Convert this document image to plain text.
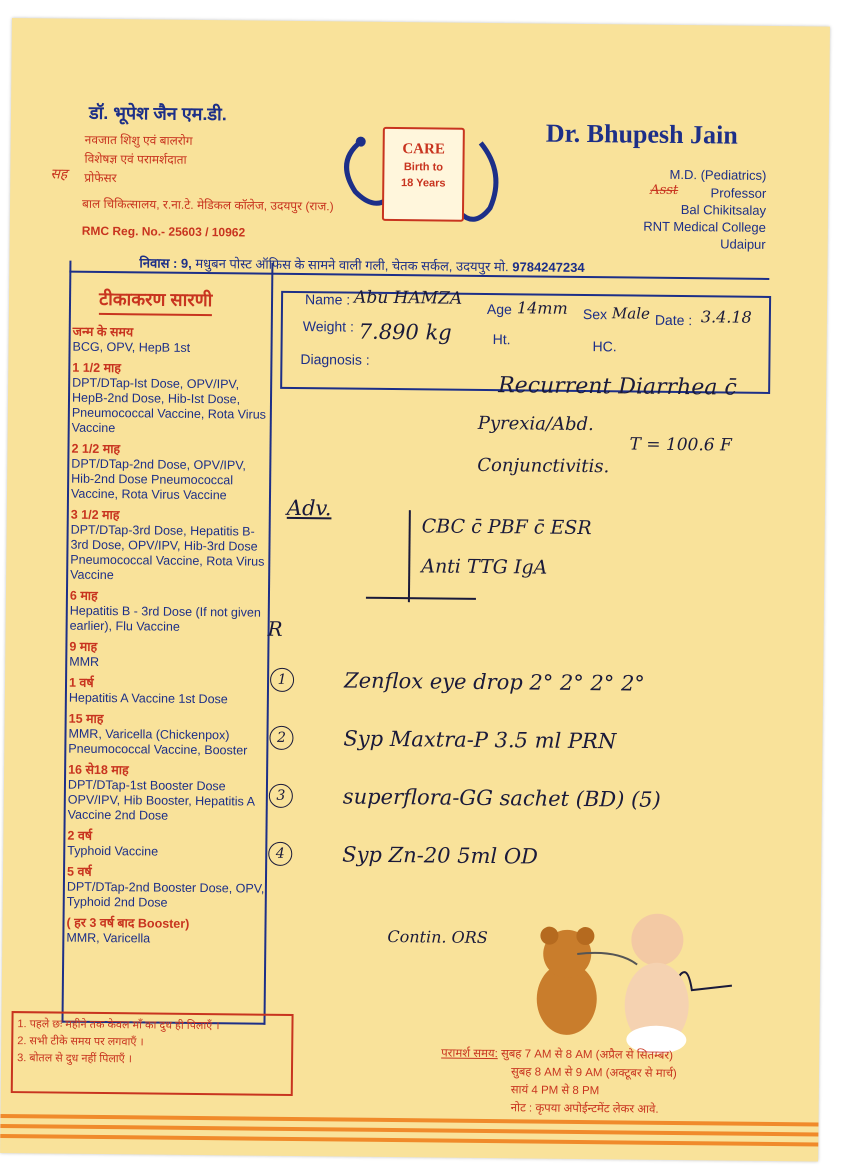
डॉ. भूपेश जैन एम.डी.
नवजात शिशु एवं बालरोग
विशेषज्ञ एवं परामर्शदाता
सह प्रोफेसर
बाल चिकित्सालय, र.ना.टे. मेडिकल कॉलेज, उदयपुर (राज.)
RMC Reg. No.- 25603 / 10962
CARE
Birth to
18 Years
Dr. Bhupesh Jain
M.D. (Pediatrics)
Asst	Professor
Bal Chikitsalay
RNT Medical College
Udaipur
निवास : 9, मधुबन पोस्ट ऑफिस के सामने वाली गली, चेतक सर्कल, उदयपुर मो. 9784247234
टीकाकरण सारणी
जन्म के समय
BCG, OPV, HepB 1st
1 1/2 माह
DPT/DTap-Ist Dose, OPV/IPV, HepB-2nd Dose, Hib-Ist Dose, Pneumococcal Vaccine, Rota Virus Vaccine
2 1/2 माह
DPT/DTap-2nd Dose, OPV/IPV, Hib-2nd Dose Pneumococcal Vaccine, Rota Virus Vaccine
3 1/2 माह
DPT/DTap-3rd Dose, Hepatitis B-3rd Dose, OPV/IPV, Hib-3rd Dose Pneumococcal Vaccine, Rota Virus Vaccine
6 माह
Hepatitis B - 3rd Dose (If not given earlier), Flu Vaccine
9 माह
MMR
1 वर्ष
Hepatitis A Vaccine 1st Dose
15 माह
MMR, Varicella (Chickenpox) Pneumococcal Vaccine, Booster
16 से18 माह
DPT/DTap-1st Booster Dose OPV/IPV, Hib Booster, Hepatitis A Vaccine 2nd Dose
2 वर्ष
Typhoid Vaccine
5 वर्ष
DPT/DTap-2nd Booster Dose, OPV, Typhoid 2nd Dose
( हर 3 वर्ष बाद Booster)
MMR, Varicella
Name : Abu HAMZA
Age 14mm Sex Male Date : 3.4.18
Weight : 7.890 kg	Ht.	HC.
Diagnosis :
Recurrent Diarrhea c̄
Pyrexia/Abd.
T = 100.6 F
Conjunctivitis.
Adv.
CBC c̄ PBF c̄ ESR
Anti TTG IgA
R
1	Zenflox eye drop 2° 2° 2° 2°
2	Syp Maxtra-P 3.5 ml PRN
3	superflora-GG sachet (BD) (5)
4	Syp Zn-20 5ml OD
Contin. ORS
1. पहले छः महीने तक केवल माँ का दुध ही पिलाएँ ।
2. सभी टीके समय पर लगवाएँ ।
3. बोतल से दुध नहीं पिलाएँ ।	परामर्श समय: सुबह 7 AM से 8 AM (अप्रैल से सितम्बर)
सुबह 8 AM से 9 AM (अक्टूबर से मार्च)
सायं 4 PM से 8 PM
नोट : कृपया अपोईन्टमेंट लेकर आवे.
